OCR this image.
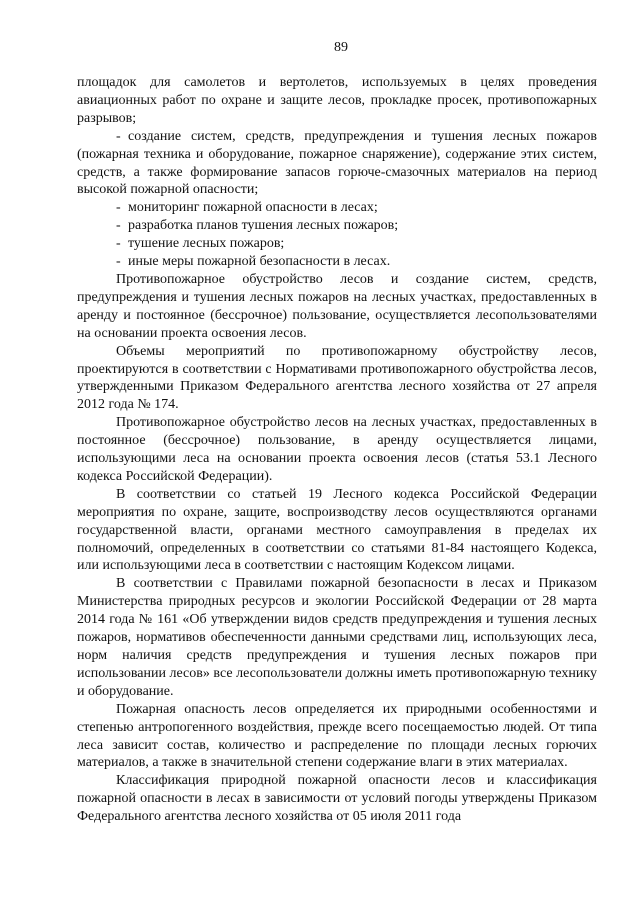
89

площадок для самолетов и вертолетов, используемых в целях проведения авиационных работ по охране и защите лесов, прокладке просек, противопожарных разрывов;

- создание систем, средств, предупреждения и тушения лесных пожаров (пожарная техника и оборудование, пожарное снаряжение), содержание этих систем, средств, а также формирование запасов горюче-смазочных материалов на период высокой пожарной опасности;

- мониторинг пожарной опасности в лесах;

- разработка планов тушения лесных пожаров;

- тушение лесных пожаров;

- иные меры пожарной безопасности в лесах.

Противопожарное обустройство лесов и создание систем, средств, предупреждения и тушения лесных пожаров на лесных участках, предоставленных в аренду и постоянное (бессрочное) пользование, осуществляется лесопользователями на основании проекта освоения лесов.

Объемы мероприятий по противопожарному обустройству лесов, проектируются в соответствии с Нормативами противопожарного обустройства лесов, утвержденными Приказом Федерального агентства лесного хозяйства от 27 апреля 2012 года № 174.

Противопожарное обустройство лесов на лесных участках, предоставленных в постоянное (бессрочное) пользование, в аренду осуществляется лицами, использующими леса на основании проекта освоения лесов (статья 53.1 Лесного кодекса Российской Федерации).

В соответствии со статьей 19 Лесного кодекса Российской Федерации мероприятия по охране, защите, воспроизводству лесов осуществляются органами государственной власти, органами местного самоуправления в пределах их полномочий, определенных в соответствии со статьями 81-84 настоящего Кодекса, или использующими леса в соответствии с настоящим Кодексом лицами.

В соответствии с Правилами пожарной безопасности в лесах и Приказом Министерства природных ресурсов и экологии Российской Федерации от 28 марта 2014 года № 161 «Об утверждении видов средств предупреждения и тушения лесных пожаров, нормативов обеспеченности данными средствами лиц, использующих леса, норм наличия средств предупреждения и тушения лесных пожаров при использовании лесов» все лесопользователи должны иметь противопожарную технику и оборудование.

Пожарная опасность лесов определяется их природными особенностями и степенью антропогенного воздействия, прежде всего посещаемостью людей. От типа леса зависит состав, количество и распределение по площади лесных горючих материалов, а также в значительной степени содержание влаги в этих материалах.

Классификация природной пожарной опасности лесов и классификация пожарной опасности в лесах в зависимости от условий погоды утверждены Приказом Федерального агентства лесного хозяйства от 05 июля 2011 года
